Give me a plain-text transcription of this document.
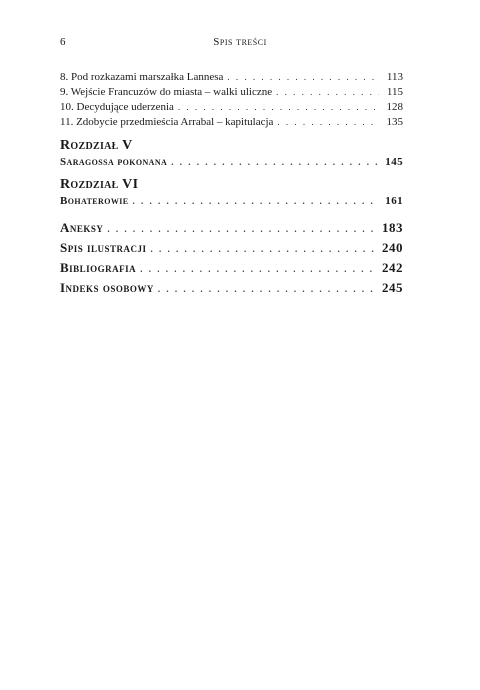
6	Spis treści
8. Pod rozkazami marszałka Lannesa . . .	113
9. Wejście Francuzów do miasta – walki uliczne . . .	115
10. Decydujące uderzenia . . .	128
11. Zdobycie przedmieścia Arrabal – kapitulacja . . .	135
Rozdział V
Saragossa pokonana . . .	145
Rozdział VI
Bohaterowie . . .	161
Aneksy . . .	183
Spis ilustracji . . .	240
Bibliografia . . .	242
Indeks osobowy . . .	245
